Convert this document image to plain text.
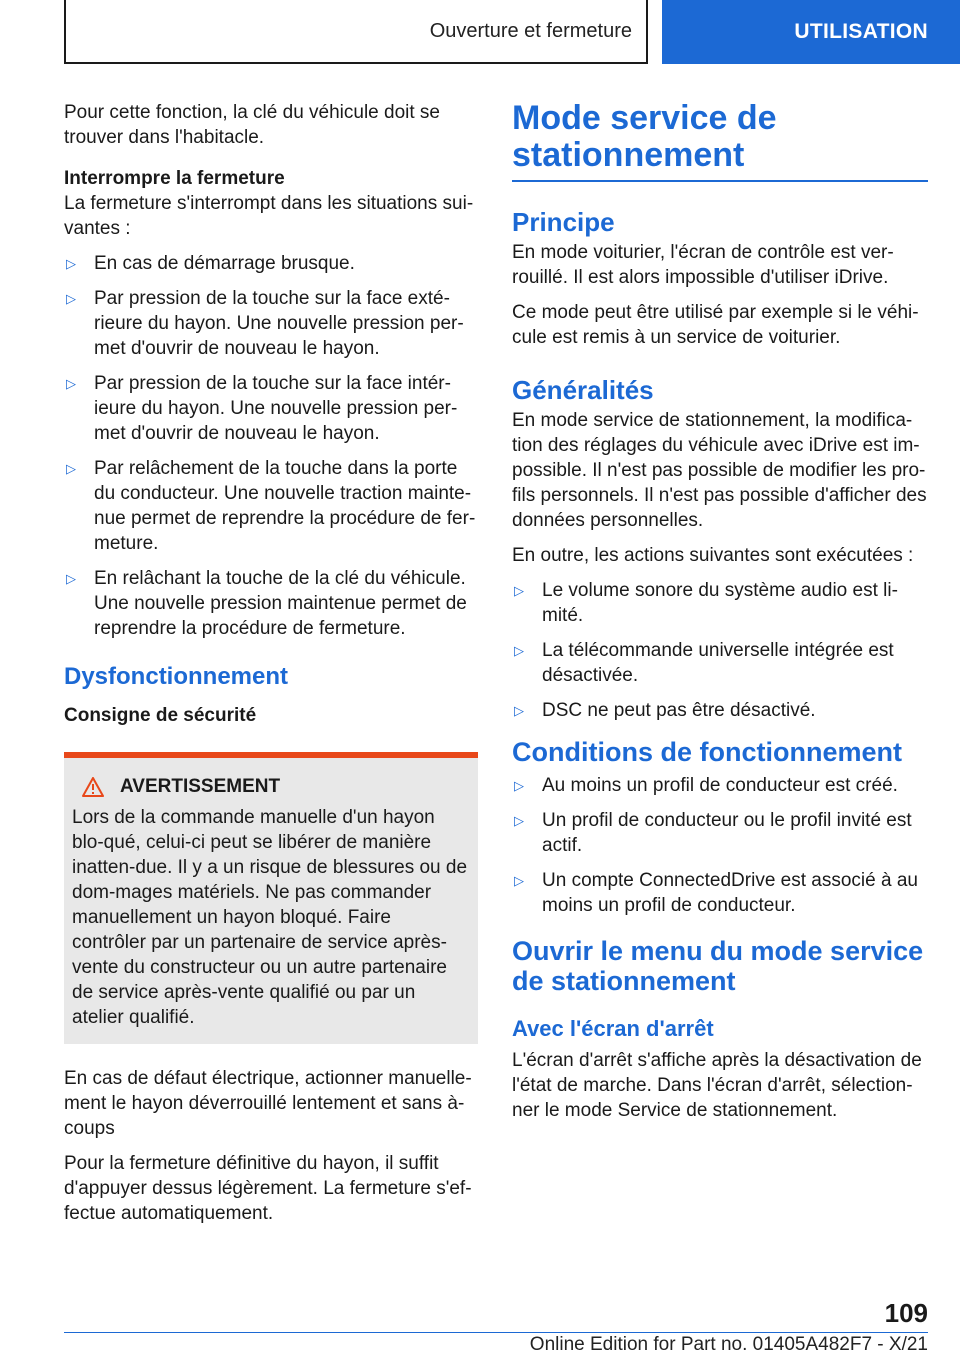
Ouverture et fermeture	UTILISATION

Pour cette fonction, la clé du véhicule doit se trouver dans l'habitacle.

Interrompre la fermeture

La fermeture s'interrompt dans les situations sui-vantes :

▷ En cas de démarrage brusque.
▷ Par pression de la touche sur la face exté-rieure du hayon. Une nouvelle pression per-met d'ouvrir de nouveau le hayon.
▷ Par pression de la touche sur la face intér-ieure du hayon. Une nouvelle pression per-met d'ouvrir de nouveau le hayon.
▷ Par relâchement de la touche dans la porte du conducteur. Une nouvelle traction mainte-nue permet de reprendre la procédure de fer-meture.
▷ En relâchant la touche de la clé du véhicule. Une nouvelle pression maintenue permet de reprendre la procédure de fermeture.
Dysfonctionnement
Consigne de sécurité
AVERTISSEMENT
Lors de la commande manuelle d'un hayon blo-qué, celui-ci peut se libérer de manière inatten-due. Il y a un risque de blessures ou de dom-mages matériels. Ne pas commander manuellement un hayon bloqué. Faire contrôler par un partenaire de service après-vente du constructeur ou un autre partenaire de service après-vente qualifié ou par un atelier qualifié.

En cas de défaut électrique, actionner manuelle-ment le hayon déverrouillé lentement et sans à-coups

Pour la fermeture définitive du hayon, il suffit d'appuyer dessus légèrement. La fermeture s'ef-fectue automatiquement.

Mode service de stationnement
Principe

En mode voiturier, l'écran de contrôle est ver-rouillé. Il est alors impossible d'utiliser iDrive.

Ce mode peut être utilisé par exemple si le véhi-cule est remis à un service de voiturier.

Généralités

En mode service de stationnement, la modifica-tion des réglages du véhicule avec iDrive est im-possible. Il n'est pas possible de modifier les pro-fils personnels. Il n'est pas possible d'afficher des données personnelles.

En outre, les actions suivantes sont exécutées :

▷ Le volume sonore du système audio est li-mité.
▷ La télécommande universelle intégrée est désactivée.
▷ DSC ne peut pas être désactivé.
Conditions de fonctionnement
▷ Au moins un profil de conducteur est créé.
▷ Un profil de conducteur ou le profil invité est actif.
▷ Un compte ConnectedDrive est associé à au moins un profil de conducteur.
Ouvrir le menu du mode service de stationnement
Avec l'écran d'arrêt

L'écran d'arrêt s'affiche après la désactivation de l'état de marche. Dans l'écran d'arrêt, sélection-ner le mode Service de stationnement.

109
Online Edition for Part no. 01405A482F7 - X/21
